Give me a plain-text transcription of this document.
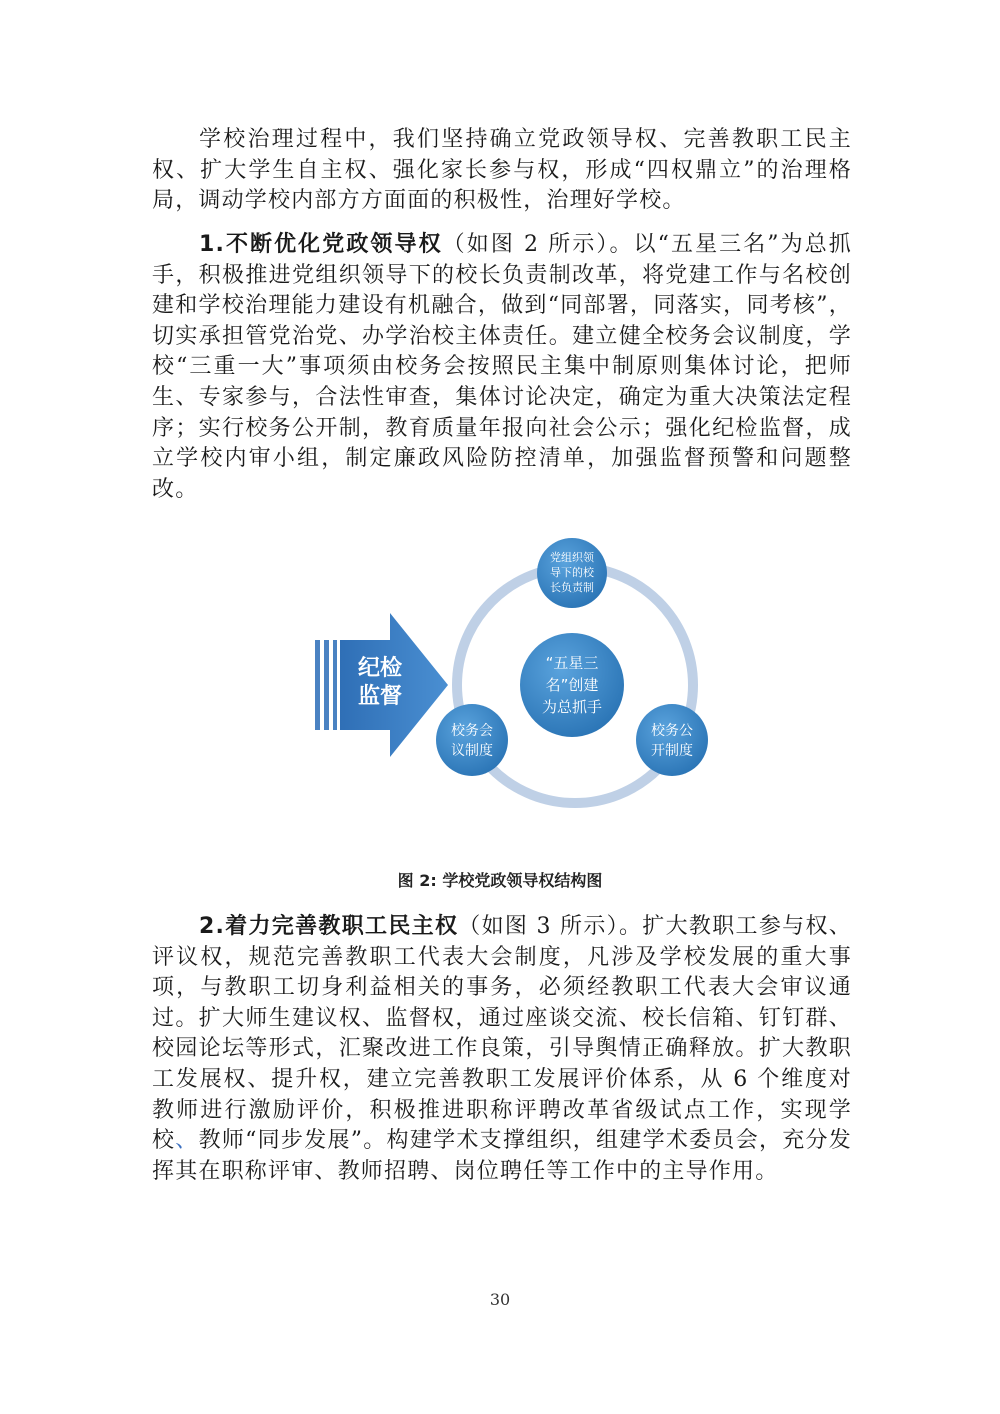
学校治理过程中，我们坚持确立党政领导权、完善教职工民主权、扩大学生自主权、强化家长参与权，形成“四权鼎立”的治理格局，调动学校内部方方面面的积极性，治理好学校。

1.不断优化党政领导权（如图 2 所示）。以“五星三名”为总抓手，积极推进党组织领导下的校长负责制改革，将党建工作与名校创建和学校治理能力建设有机融合，做到“同部署，同落实，同考核”，切实承担管党治党、办学治校主体责任。建立健全校务会议制度，学校“三重一大”事项须由校务会按照民主集中制原则集体讨论，把师生、专家参与，合法性审查，集体讨论决定，确定为重大决策法定程序；实行校务公开制，教育质量年报向社会公示；强化纪检监督，成立学校内审小组，制定廉政风险防控清单，加强监督预警和问题整改。

纪检
监督
“五星三
名”创建
为总抓手
党组织领
导下的校
长负责制
校务会
议制度
校务公
开制度
图 2: 学校党政领导权结构图

2.着力完善教职工民主权（如图 3 所示）。扩大教职工参与权、评议权，规范完善教职工代表大会制度，凡涉及学校发展的重大事项，与教职工切身利益相关的事务，必须经教职工代表大会审议通过。扩大师生建议权、监督权，通过座谈交流、校长信箱、钉钉群、校园论坛等形式，汇聚改进工作良策，引导舆情正确释放。扩大教职工发展权、提升权，建立完善教职工发展评价体系，从 6 个维度对教师进行激励评价，积极推进职称评聘改革省级试点工作，实现学校、教师“同步发展”。构建学术支撑组织，组建学术委员会，充分发挥其在职称评审、教师招聘、岗位聘任等工作中的主导作用。

30
